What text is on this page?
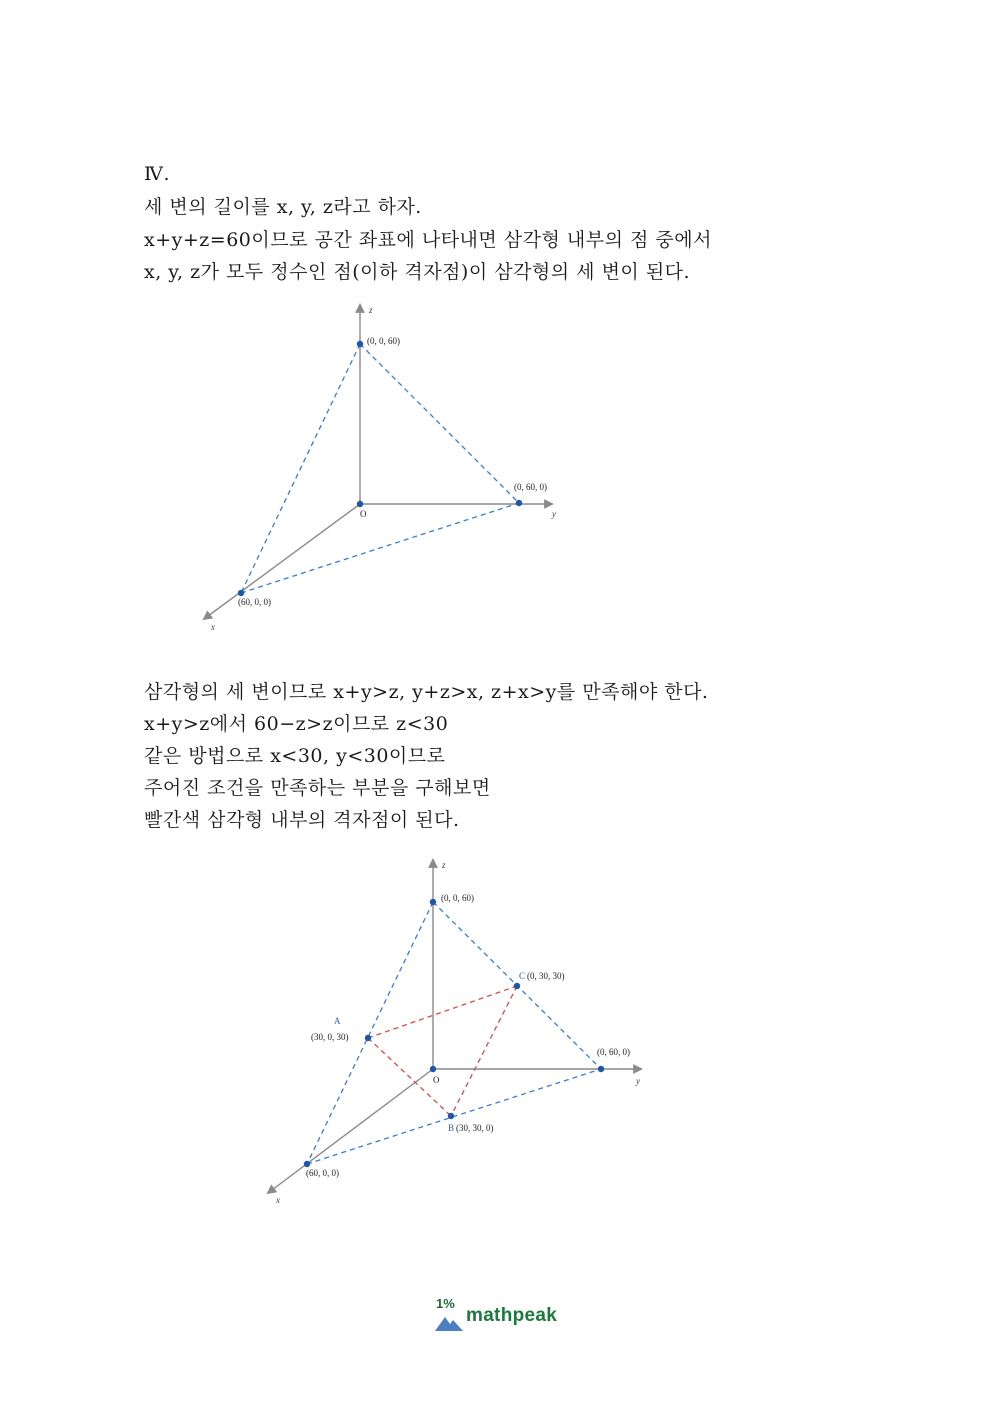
Ⅳ.
세 변의 길이를 x, y, z라고 하자.
x+y+z=60이므로 공간 좌표에 나타내면 삼각형 내부의 점 중에서
x, y, z가 모두 정수인 점(이하 격자점)이 삼각형의 세 변이 된다.
z
y
x
O
(0, 0, 60)
(0, 60, 0)
(60, 0, 0)
삼각형의 세 변이므로 x+y>z, y+z>x, z+x>y를 만족해야 한다.
x+y>z에서 60−z>z이므로 z<30
같은 방법으로 x<30, y<30이므로
주어진 조건을 만족하는 부분을 구해보면
빨간색 삼각형 내부의 격자점이 된다.
z
y
x
O
(0, 0, 60)
(0, 60, 0)
(60, 0, 0)
A
(30, 0, 30)
B (30, 30, 0)
C (0, 30, 30)
1%
mathpeak
